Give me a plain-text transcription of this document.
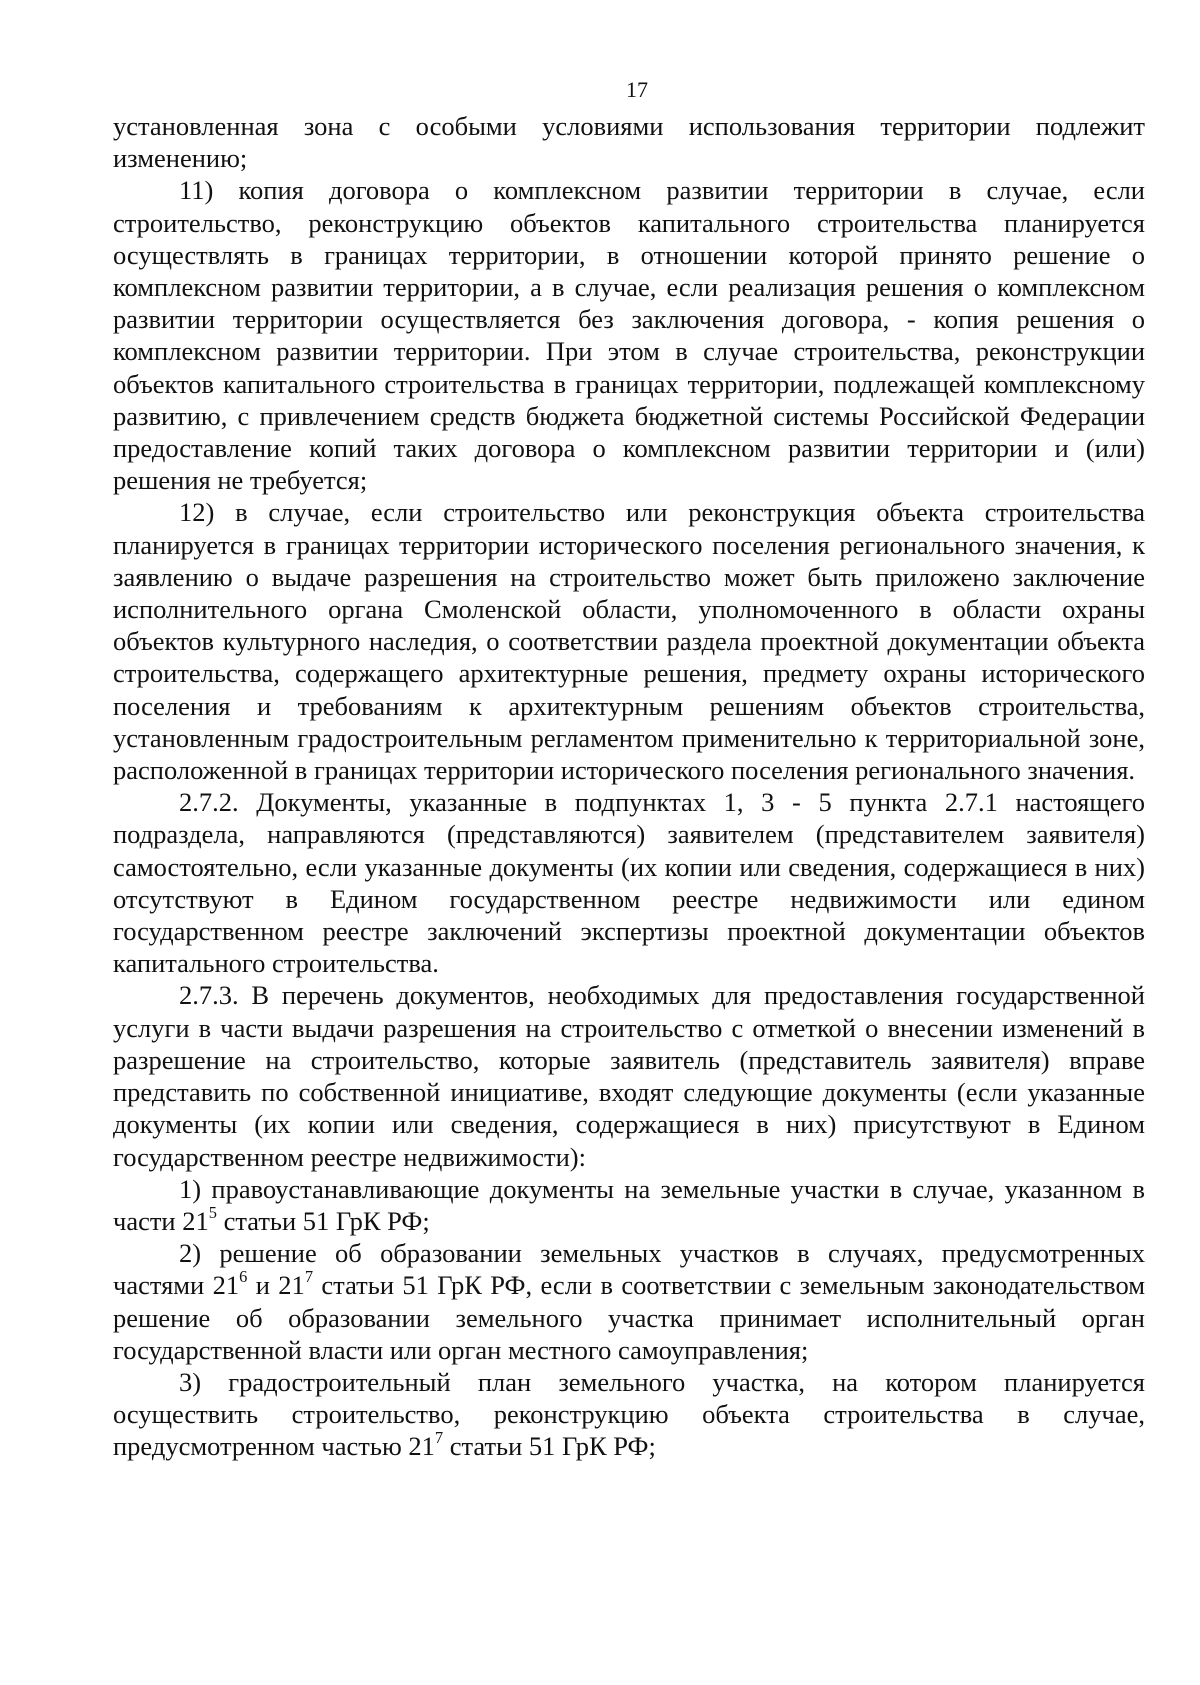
17

установленная зона с особыми условиями использования территории подлежит изменению;

11) копия договора о комплексном развитии территории в случае, если строительство, реконструкцию объектов капитального строительства планируется осуществлять в границах территории, в отношении которой принято решение о комплексном развитии территории, а в случае, если реализация решения о комплексном развитии территории осуществляется без заключения договора, - копия решения о комплексном развитии территории. При этом в случае строительства, реконструкции объектов капитального строительства в границах территории, подлежащей комплексному развитию, с привлечением средств бюджета бюджетной системы Российской Федерации предоставление копий таких договора о комплексном развитии территории и (или) решения не требуется;

12) в случае, если строительство или реконструкция объекта строительства планируется в границах территории исторического поселения регионального значения, к заявлению о выдаче разрешения на строительство может быть приложено заключение исполнительного органа Смоленской области, уполномоченного в области охраны объектов культурного наследия, о соответствии раздела проектной документации объекта строительства, содержащего архитектурные решения, предмету охраны исторического поселения и требованиям к архитектурным решениям объектов строительства, установленным градостроительным регламентом применительно к территориальной зоне, расположенной в границах территории исторического поселения регионального значения.

2.7.2. Документы, указанные в подпунктах 1, 3 - 5 пункта 2.7.1 настоящего подраздела, направляются (представляются) заявителем (представителем заявителя) самостоятельно, если указанные документы (их копии или сведения, содержащиеся в них) отсутствуют в Едином государственном реестре недвижимости или едином государственном реестре заключений экспертизы проектной документации объектов капитального строительства.

2.7.3. В перечень документов, необходимых для предоставления государственной услуги в части выдачи разрешения на строительство с отметкой о внесении изменений в разрешение на строительство, которые заявитель (представитель заявителя) вправе представить по собственной инициативе, входят следующие документы (если указанные документы (их копии или сведения, содержащиеся в них) присутствуют в Едином государственном реестре недвижимости):

1) правоустанавливающие документы на земельные участки в случае, указанном в части $21^5$ статьи 51 ГрК РФ;

2) решение об образовании земельных участков в случаях, предусмотренных частями $21^6$ и $21^7$ статьи 51 ГрК РФ, если в соответствии с земельным законодательством решение об образовании земельного участка принимает исполнительный орган государственной власти или орган местного самоуправления;

3) градостроительный план земельного участка, на котором планируется осуществить строительство, реконструкцию объекта строительства в случае, предусмотренном частью $21^7$ статьи 51 ГрК РФ;
